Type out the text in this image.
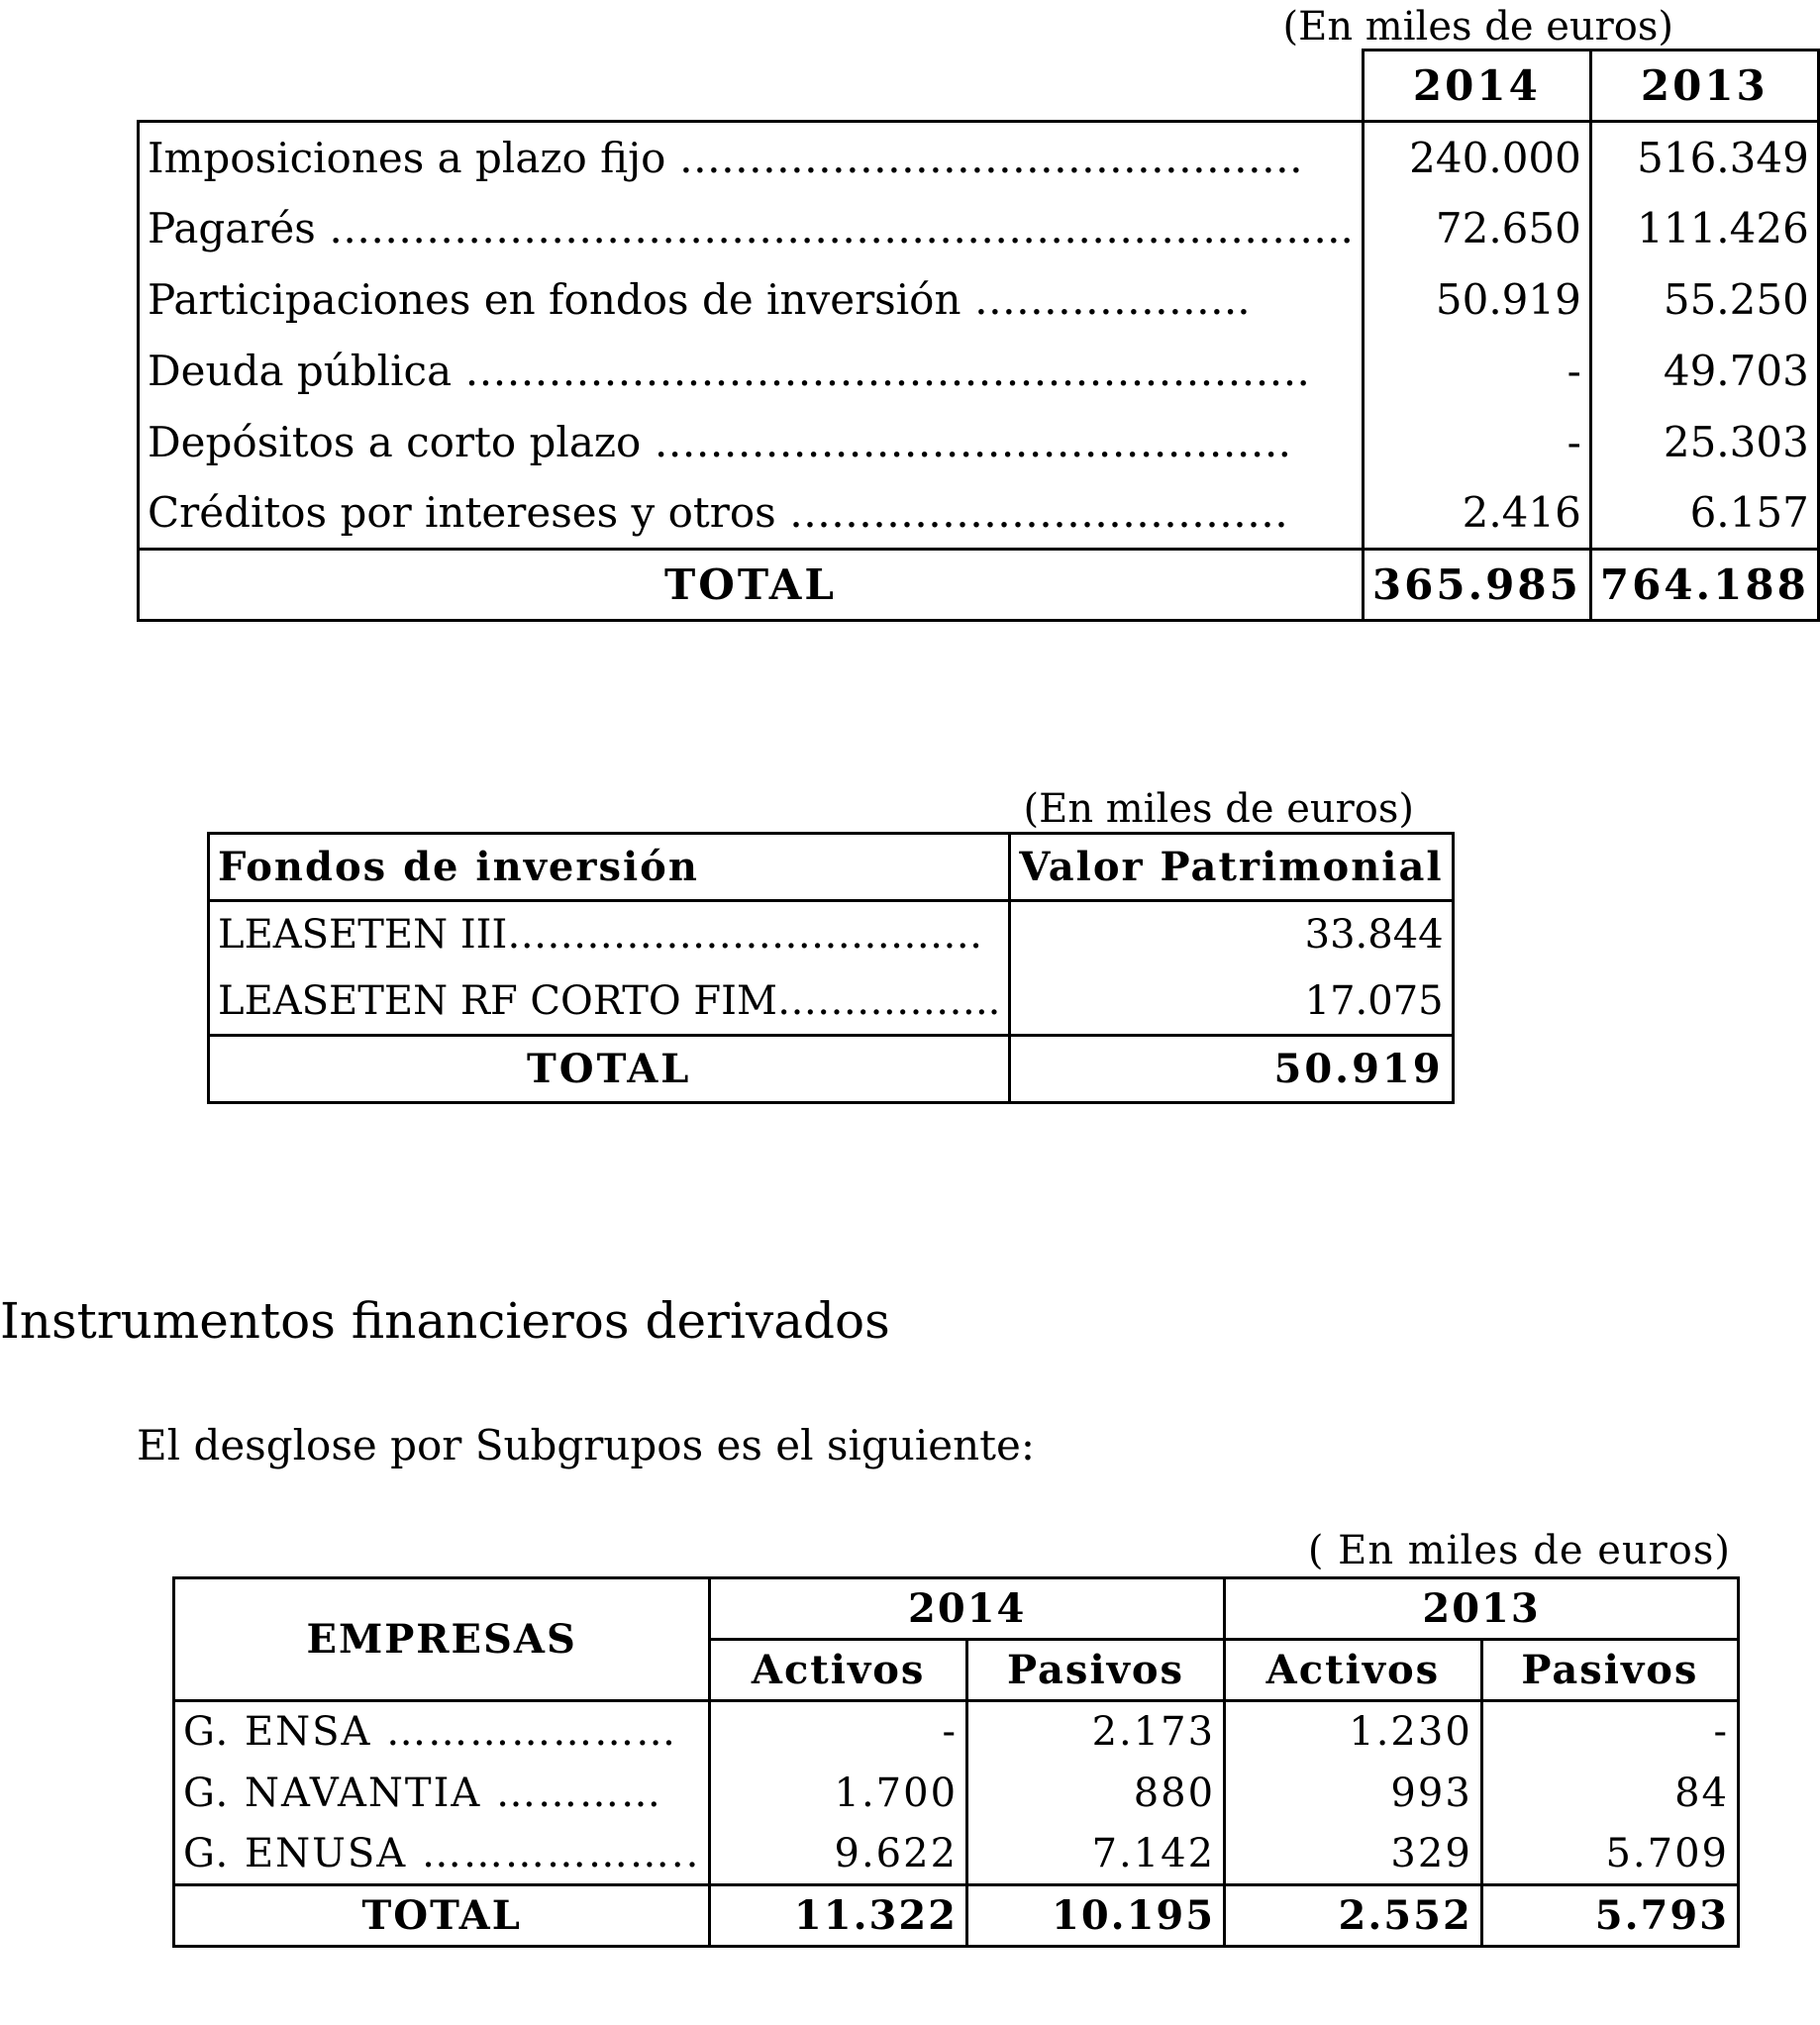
(En miles de euros)
	2014	2013
Imposiciones a plazo fijo ………………………………………	240.000	516.349
Pagarés ………………………………………………………………..	72.650	111.426
Participaciones en fondos de inversión ………………..	50.919	55.250
Deuda pública …………………………………………………….	-	49.703
Depósitos a corto plazo ……………………………………….	-	25.303
Créditos por intereses y otros ………………………………	2.416	6.157
TOTAL	365.985	764.188
(En miles de euros)
Fondos de inversión	Valor Patrimonial
LEASETEN III………………………………	33.844
LEASETEN RF CORTO FIM……………..	17.075
TOTAL	50.919
Instrumentos financieros derivados
El desglose por Subgrupos es el siguiente:
( En miles de euros)
EMPRESAS	2014		2013	
	Activos	Pasivos	Activos	Pasivos
G. ENSA …………………	-	2.173	1.230	-
G. NAVANTIA …………	1.700	880	993	84
G. ENUSA ………………..	9.622	7.142	329	5.709
TOTAL	11.322	10.195	2.552	5.793
